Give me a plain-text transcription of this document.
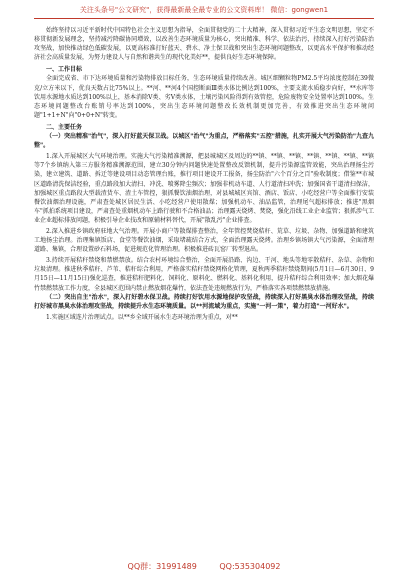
关注头条号"公文研究"，获得最新最全最专业的公文资料库！ 微信：gongwen1

始终坚持以习近平新时代中国特色社会主义思想为指导，全面贯彻党的二十大精神，深入贯彻习近平生态文明思想，坚定不移贯彻新发展理念，坚持减污降碳协同增效，以改善生态环境质量为核心，突出精准、科学、依法治污，持续深入打好污染防治攻坚战，加快推动绿色低碳发展，以更高标准打好蓝天、碧水、净土保卫战和突出生态环境问题整改，以更高水平保护和推动经济社会高质量发展，为努力建设人与自然和谐共生的现代化美好**，提供良好生态环境保障。

一、工作目标

全面完成省、市下达环境质量和污染物排放目标任务，生态环境质量持续改善。城区细颗粒物PM2.5平均浓度控制在39微克/立方米以下，优良天数占比75%以上。**河、**河4个国控断面Ⅲ类水体比例达到100%，主要支流水质稳步向好，**水库等饮用水源地水质达到100%以上，基本消除Ⅴ类、劣Ⅴ类水体，土壤污染风险得到有效管控，危险废物安全处置率达到100%。生态环境问题整改台账销号率达到100%，突出生态环境问题整改长效机制更加完善，有效推进突出生态环境问题"1+1+N"向"0+0+N"转变。

二、主要任务

（一）突出精准"治气"，深入打好蓝天保卫战。以城区"治气"为重点，严格落实"五控"措施，扎实开展大气污染防治"九查九整"。

1.深入开展城区大气环境治理。实施大气污染精准溯源，把县城城区及周边的**镇、**镇、**镇、**镇、**镇、**镇、**镇等7个乡镇纳入第三方服务精准溯源范围，建立30分钟内问题快速处置整改反馈机制，提升污染源监管效能，突出治理扬尘污染，建立建筑、道路、拆迁等建设项目动态管理台账，推行项目建设开工报备，扬尘防治"六个百分之百"验收制度；借鉴**市城区道路清洗保洁经验，重点路段加大清扫、冲洗、喷雾降尘频次；加强非机动车道、人行道清扫冲洗；加强国省干道清扫保洁，加强城区重点路段大型载渣货车、渣土车管控，狠抓餐饮油烟治理，对县城城区宾馆、酒店、饭店、小吃经营户等全面推行安装餐饮油烟治理设施，严肃查处城区居民生活、小吃经营户使用散煤；加强机动车、油品监管，治理尾气超标排放；推进"黑烟车"抓拍系统项目建设，严肃查处重烟机动车上路行驶和不合格油品；治理露天烧烤、焚烧，强化沿线工业企业监管；狠抓涉气工业企业超标排放问题，积极引导企业技改和原辅材料替代，开展"散乱污"企业排查。

2.深入推进乡镇政府驻地大气治理。开展小商户等散煤排查整治，全年管控焚烧秸秆、荒草、垃圾、杂物、加强道路和建筑工地扬尘治理。治理集镇饭店、食堂等餐饮油烟，采取堵疏结合方式，全面治理露天烧烤。治理乡镇场镇大气污染源，全面清理道路、集镇，合理设置砂石料场，促进规范化管理治理。积极推进砖瓦窑厂转型退出。

3.持续开展秸秆禁烧和禁燃禁放。结合农村环境综合整治，全面开展沿路、沟边、干河、地头等地零散秸秆、杂草、杂物和垃圾清理。推进秋季秸秆、芦苇、秸秆综合利用，严格落实秸秆禁烧网格化管理，夏秋两季秸秆禁烧期间(5月1日—6月30日、9月15日—11月15日)强化巡查，推进秸秆肥料化、饲料化、原料化、燃料化、基料化利用，提升秸秆综合利用效率；加大烟花爆竹禁燃禁放工作力度，全县城区范围内禁止燃放烟花爆竹，依法查处违规燃放行为，严格落实各项禁燃禁放措施。

（二）突出自主"治水"，深入打好碧水保卫战。持续打好饮用水源地保护攻坚战，持续深入打好黑臭水体治理攻坚战，持续打好城市黑臭水体治理攻坚战，持续提升水生态环境质量。以**河流域为重点，实施"一河一策"，着力打造"一河好水"。

1.实施区域连片治理试点。以**乡全域开展水生态环境治理为重点，对**

QQ群：31991489	QQ:535304092
